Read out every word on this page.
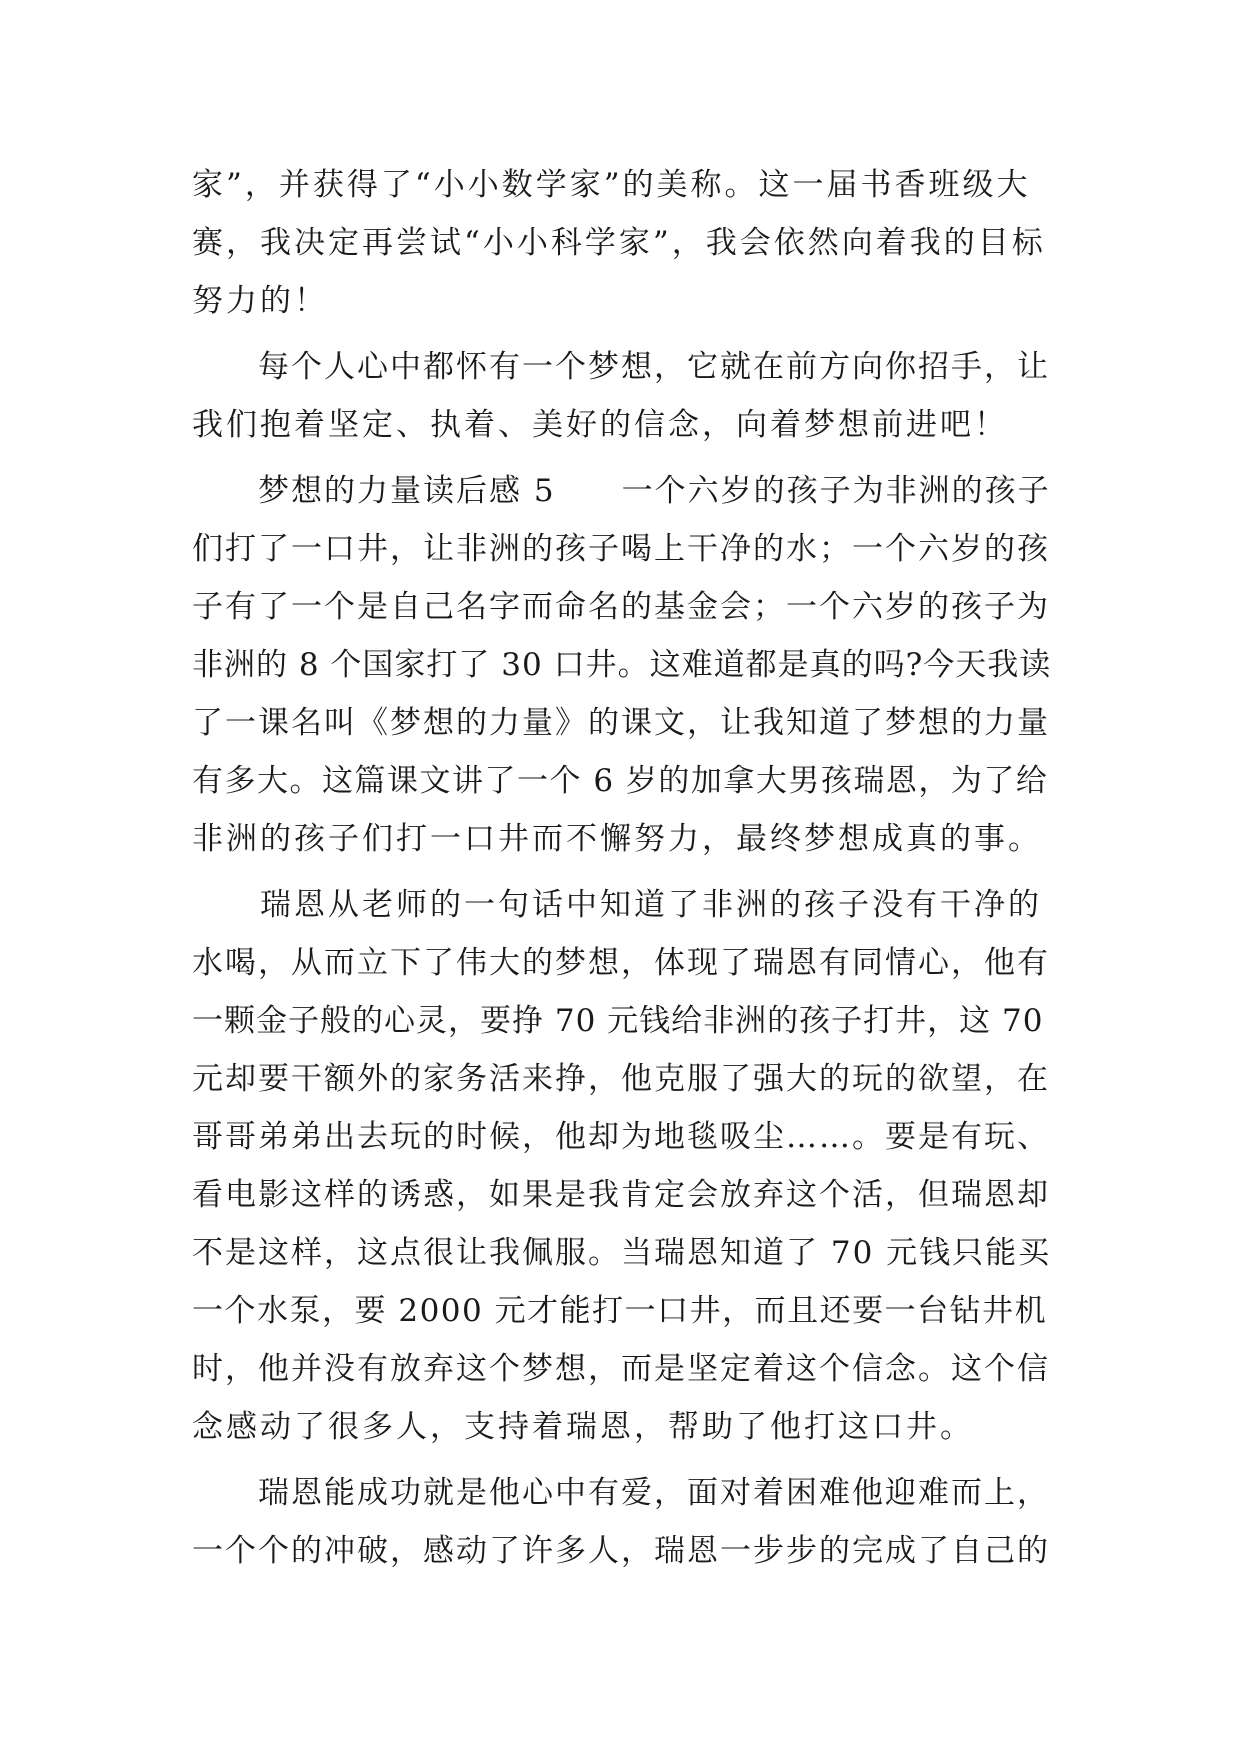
家”，并获得了“小小数学家”的美称。这一届书香班级大
赛，我决定再尝试“小小科学家”，我会依然向着我的目标
努力的！
　　每个人心中都怀有一个梦想，它就在前方向你招手，让
我们抱着坚定、执着、美好的信念，向着梦想前进吧！
　　梦想的力量读后感 5　　一个六岁的孩子为非洲的孩子
们打了一口井，让非洲的孩子喝上干净的水；一个六岁的孩
子有了一个是自己名字而命名的基金会；一个六岁的孩子为
非洲的 8 个国家打了 30 口井。这难道都是真的吗?今天我读
了一课名叫《梦想的力量》的课文，让我知道了梦想的力量
有多大。这篇课文讲了一个 6 岁的加拿大男孩瑞恩，为了给
非洲的孩子们打一口井而不懈努力，最终梦想成真的事。
　　瑞恩从老师的一句话中知道了非洲的孩子没有干净的
水喝，从而立下了伟大的梦想，体现了瑞恩有同情心，他有
一颗金子般的心灵，要挣 70 元钱给非洲的孩子打井，这 70
元却要干额外的家务活来挣，他克服了强大的玩的欲望，在
哥哥弟弟出去玩的时候，他却为地毯吸尘……。要是有玩、
看电影这样的诱惑，如果是我肯定会放弃这个活，但瑞恩却
不是这样，这点很让我佩服。当瑞恩知道了 70 元钱只能买
一个水泵，要 2000 元才能打一口井，而且还要一台钻井机
时，他并没有放弃这个梦想，而是坚定着这个信念。这个信
念感动了很多人，支持着瑞恩，帮助了他打这口井。
　　瑞恩能成功就是他心中有爱，面对着困难他迎难而上，
一个个的冲破，感动了许多人，瑞恩一步步的完成了自己的
